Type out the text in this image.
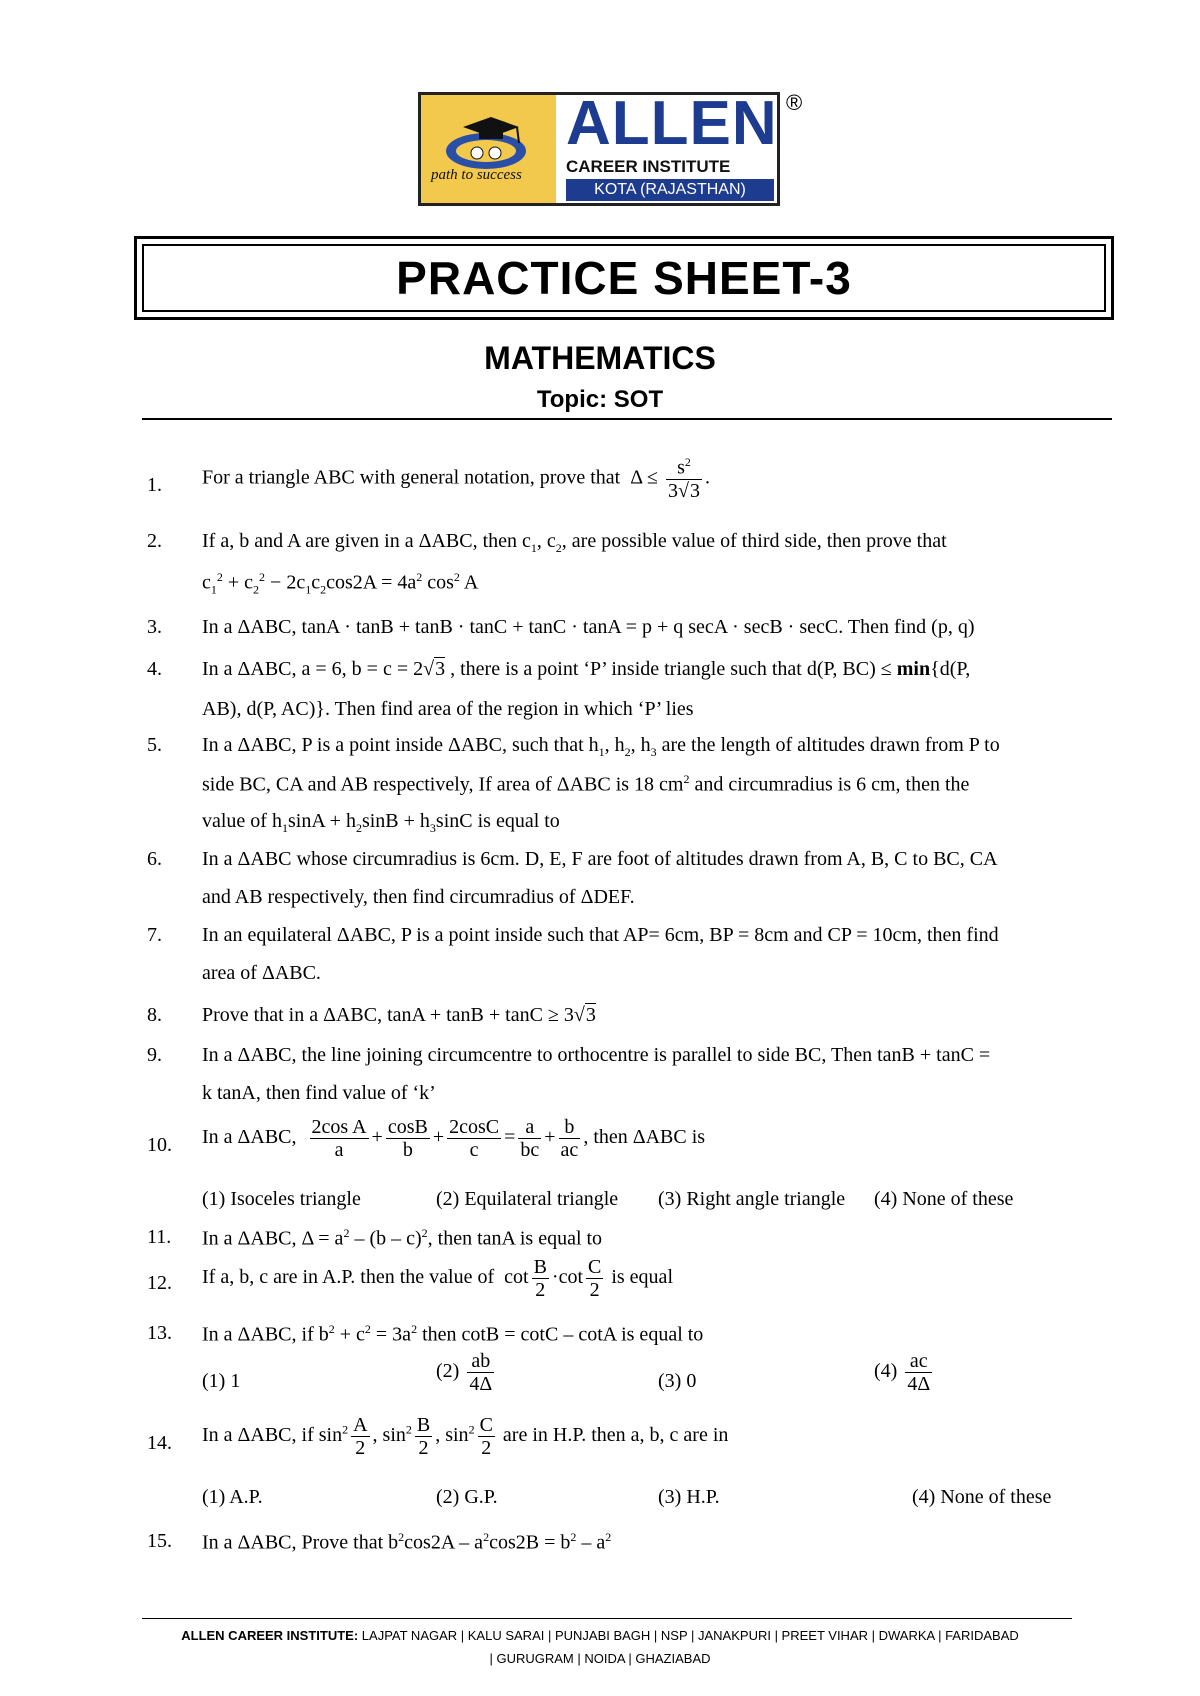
path to success
ALLEN
CAREER INSTITUTE
KOTA (RAJASTHAN)
®
PRACTICE SHEET-3
MATHEMATICS
Topic: SOT
1. For a triangle ABC with general notation, prove that  $\Delta \le \frac{s^2}{3√3}$ .
2. If a, b and A are given in a ΔABC, then $c_1$, $c_2$, are possible value of third side, then prove that
$c_1^2 + c_2^2 - 2c_1c_2\cos 2A = 4a^2$ $\cos^2 A$
3. In a ΔABC, tanA · tanB + tanB · tanC + tanC · tanA = p + q secA · secB · secC. Then find (p, q)
4. In a ΔABC, a = 6, b = c = 2√3 , there is a point ‘P’ inside triangle such that d(P, BC) ≤ min{d(P,
AB), d(P, AC)}. Then find area of the region in which ‘P’ lies
5. In a ΔABC, P is a point inside ΔABC, such that $h_1$, $h_2$, $h_3$ are the length of altitudes drawn from P to
side BC, CA and AB respectively, If area of ΔABC is 18 $cm^2$ and circumradius is 6 cm, then the
value of $h_1\sin A + h_2\sin B + h_3\sin C$ is equal to
6. In a ΔABC whose circumradius is 6cm. D, E, F are foot of altitudes drawn from A, B, C to BC, CA
and AB respectively, then find circumradius of ΔDEF.
7. In an equilateral ΔABC, P is a point inside such that AP= 6cm, BP = 8cm and CP = 10cm, then find
area of ΔABC.
8. Prove that in a ΔABC, tanA + tanB + tanC ≥ 3√3
9. In a ΔABC, the line joining circumcentre to orthocentre is parallel to side BC, Then tanB + tanC =
k tanA, then find value of ‘k’
10. In a ΔABC, $\frac{\text{2cos A}}{a} + \frac{\cos B}{b} + \frac{2\cos C}{c} = \frac{a}{bc} + \frac{b}{ac}$ , then ΔABC is
(1) Isoceles triangle	(2) Equilateral triangle (3) Right angle triangle (4) None of these
11. In a ΔABC, $\Delta = a^2 - (b - c)^2$, then tanA is equal to
12. If a, b, c are in A.P. then the value of  $\cot \frac{B}{2} \cdot\cot \frac{C}{2}$ is equal
13. In a ΔABC, if $b^2 + c^2 = 3a^2$ then cotB = cotC – cotA is equal to
(1) 1	$(2) \frac{ab}{4\Delta}$	(3) 0	$(4) \frac{ac}{4\Delta}$
14. In a ΔABC, if $\sin^2 \frac{A}{2}$ , $\sin^2 \frac{B}{2}$ , $\sin^2 \frac{C}{2}$ are in H.P. then a, b, c are in
(1) A.P.	(2) G.P.	(3) H.P.	(4) None of these
15. In a ΔABC, Prove that $b^2\cos 2A - a^2\cos 2B = b^2 - a^2$
ALLEN CAREER INSTITUTE: LAJPAT NAGAR | KALU SARAI | PUNJABI BAGH | NSP | JANAKPURI | PREET VIHAR | DWARKA | FARIDABAD
| GURUGRAM | NOIDA | GHAZIABAD
